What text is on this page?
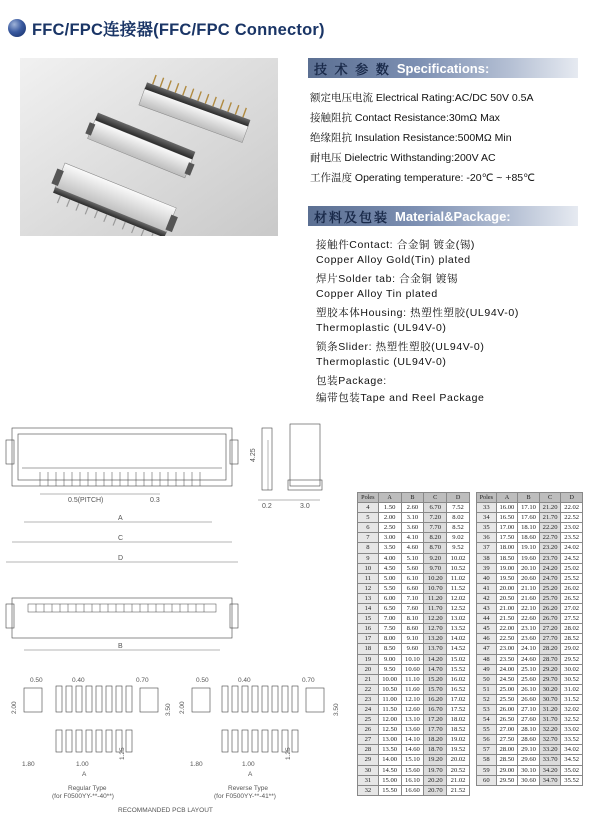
FFC/FPC连接器(FFC/FPC Connector)
技 术 参 数 Specifications:
额定电压电流 Electrical Rating:AC/DC 50V 0.5A
接触阻抗 Contact Resistance:30mΩ Max
绝缘阻抗 Insulation Resistance:500MΩ Min
耐电压 Dielectric Withstanding:200V AC
工作温度 Operating temperature: -20℃ ~ +85℃
材料及包装 Material&Package:
接触件Contact: 合金铜 镀金(锡)
Copper Alloy Gold(Tin) plated
焊片Solder tab: 合金铜 镀锡
Copper Alloy Tin plated
塑胶本体Housing: 热塑性塑胶(UL94V-0)
Thermoplastic (UL94V-0)
锁条Slider: 热塑性塑胶(UL94V-0)
Thermoplastic (UL94V-0)
包装Package:
编带包装Tape and Reel Package
0.5(PITCH)	0.3
A
C
D
4.25
0.2	3.0
B
0.50	0.40	0.70
2.00	3.50
1.80	1.00
1.25
0.50	0.40	0.70
2.00	3.50
1.80	1.00
1.25
A	A
Regular Type
(for F0500YY-**-40**)
Reverse Type
(for F0500YY-**-41**)
RECOMMANDED PCB LAYOUT
Poles	A	B	C	D
4	1.50	2.60	6.70	7.52
5	2.00	3.10	7.20	8.02
6	2.50	3.60	7.70	8.52
7	3.00	4.10	8.20	9.02
8	3.50	4.60	8.70	9.52
9	4.00	5.10	9.20	10.02
10	4.50	5.60	9.70	10.52
11	5.00	6.10	10.20	11.02
12	5.50	6.60	10.70	11.52
13	6.00	7.10	11.20	12.02
14	6.50	7.60	11.70	12.52
15	7.00	8.10	12.20	13.02
16	7.50	8.60	12.70	13.52
17	8.00	9.10	13.20	14.02
18	8.50	9.60	13.70	14.52
19	9.00	10.10	14.20	15.02
20	9.50	10.60	14.70	15.52
21	10.00	11.10	15.20	16.02
22	10.50	11.60	15.70	16.52
23	11.00	12.10	16.20	17.02
24	11.50	12.60	16.70	17.52
25	12.00	13.10	17.20	18.02
26	12.50	13.60	17.70	18.52
27	13.00	14.10	18.20	19.02
28	13.50	14.60	18.70	19.52
29	14.00	15.10	19.20	20.02
30	14.50	15.60	19.70	20.52
31	15.00	16.10	20.20	21.02
32	15.50	16.60	20.70	21.52
Poles	A	B	C	D
33	16.00	17.10	21.20	22.02
34	16.50	17.60	21.70	22.52
35	17.00	18.10	22.20	23.02
36	17.50	18.60	22.70	23.52
37	18.00	19.10	23.20	24.02
38	18.50	19.60	23.70	24.52
39	19.00	20.10	24.20	25.02
40	19.50	20.60	24.70	25.52
41	20.00	21.10	25.20	26.02
42	20.50	21.60	25.70	26.52
43	21.00	22.10	26.20	27.02
44	21.50	22.60	26.70	27.52
45	22.00	23.10	27.20	28.02
46	22.50	23.60	27.70	28.52
47	23.00	24.10	28.20	29.02
48	23.50	24.60	28.70	29.52
49	24.00	25.10	29.20	30.02
50	24.50	25.60	29.70	30.52
51	25.00	26.10	30.20	31.02
52	25.50	26.60	30.70	31.52
53	26.00	27.10	31.20	32.02
54	26.50	27.60	31.70	32.52
55	27.00	28.10	32.20	33.02
56	27.50	28.60	32.70	33.52
57	28.00	29.10	33.20	34.02
58	28.50	29.60	33.70	34.52
59	29.00	30.10	34.20	35.02
60	29.50	30.60	34.70	35.52
